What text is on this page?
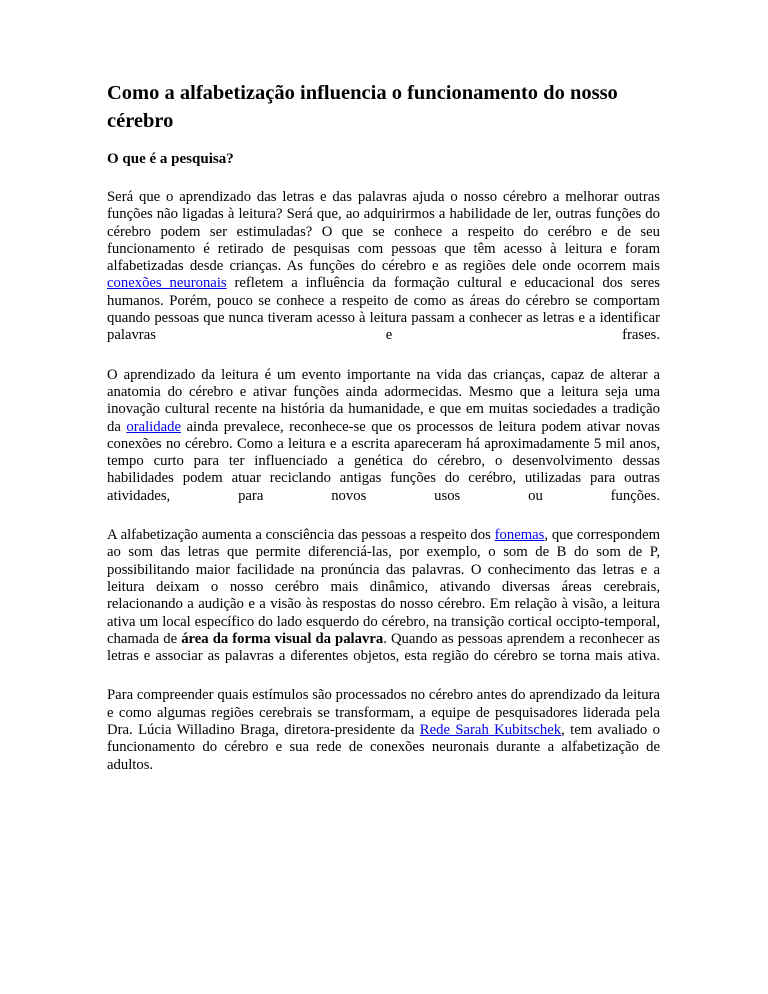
Como a alfabetização influencia o funcionamento do nosso cérebro
O que é a pesquisa?

Será que o aprendizado das letras e das palavras ajuda o nosso cérebro a melhorar outras funções não ligadas à leitura? Será que, ao adquirirmos a habilidade de ler, outras funções do cérebro podem ser estimuladas? O que se conhece a respeito do cerébro e de seu funcionamento é retirado de pesquisas com pessoas que têm acesso à leitura e foram alfabetizadas desde crianças. As funções do cérebro e as regiões dele onde ocorrem mais conexões neuronais refletem a influência da formação cultural e educacional dos seres humanos. Porém, pouco se conhece a respeito de como as áreas do cérebro se comportam quando pessoas que nunca tiveram acesso à leitura passam a conhecer as letras e a identificar palavras e frases.

O aprendizado da leitura é um evento importante na vida das crianças, capaz de alterar a anatomia do cérebro e ativar funções ainda adormecidas. Mesmo que a leitura seja uma inovação cultural recente na história da humanidade, e que em muitas sociedades a tradição da oralidade ainda prevalece, reconhece-se que os processos de leitura podem ativar novas conexões no cérebro. Como a leitura e a escrita apareceram há aproximadamente 5 mil anos, tempo curto para ter influenciado a genética do cérebro, o desenvolvimento dessas habilidades podem atuar reciclando antigas funções do cerébro, utilizadas para outras atividades, para novos usos ou funções.

A alfabetização aumenta a consciência das pessoas a respeito dos fonemas, que correspondem ao som das letras que permite diferenciá-las, por exemplo, o som de B do som de P, possibilitando maior facilidade na pronúncia das palavras. O conhecimento das letras e a leitura deixam o nosso cerébro mais dinâmico, ativando diversas áreas cerebrais, relacionando a audição e a visão às respostas do nosso cérebro. Em relação à visão, a leitura ativa um local específico do lado esquerdo do cérebro, na transição cortical occipto-temporal, chamada de área da forma visual da palavra. Quando as pessoas aprendem a reconhecer as letras e associar as palavras a diferentes objetos, esta região do cérebro se torna mais ativa.

Para compreender quais estímulos são processados no cérebro antes do aprendizado da leitura e como algumas regiões cerebrais se transformam, a equipe de pesquisadores liderada pela Dra. Lúcia Willadino Braga, diretora-presidente da Rede Sarah Kubitschek, tem avaliado o funcionamento do cérebro e sua rede de conexões neuronais durante a alfabetização de adultos.
